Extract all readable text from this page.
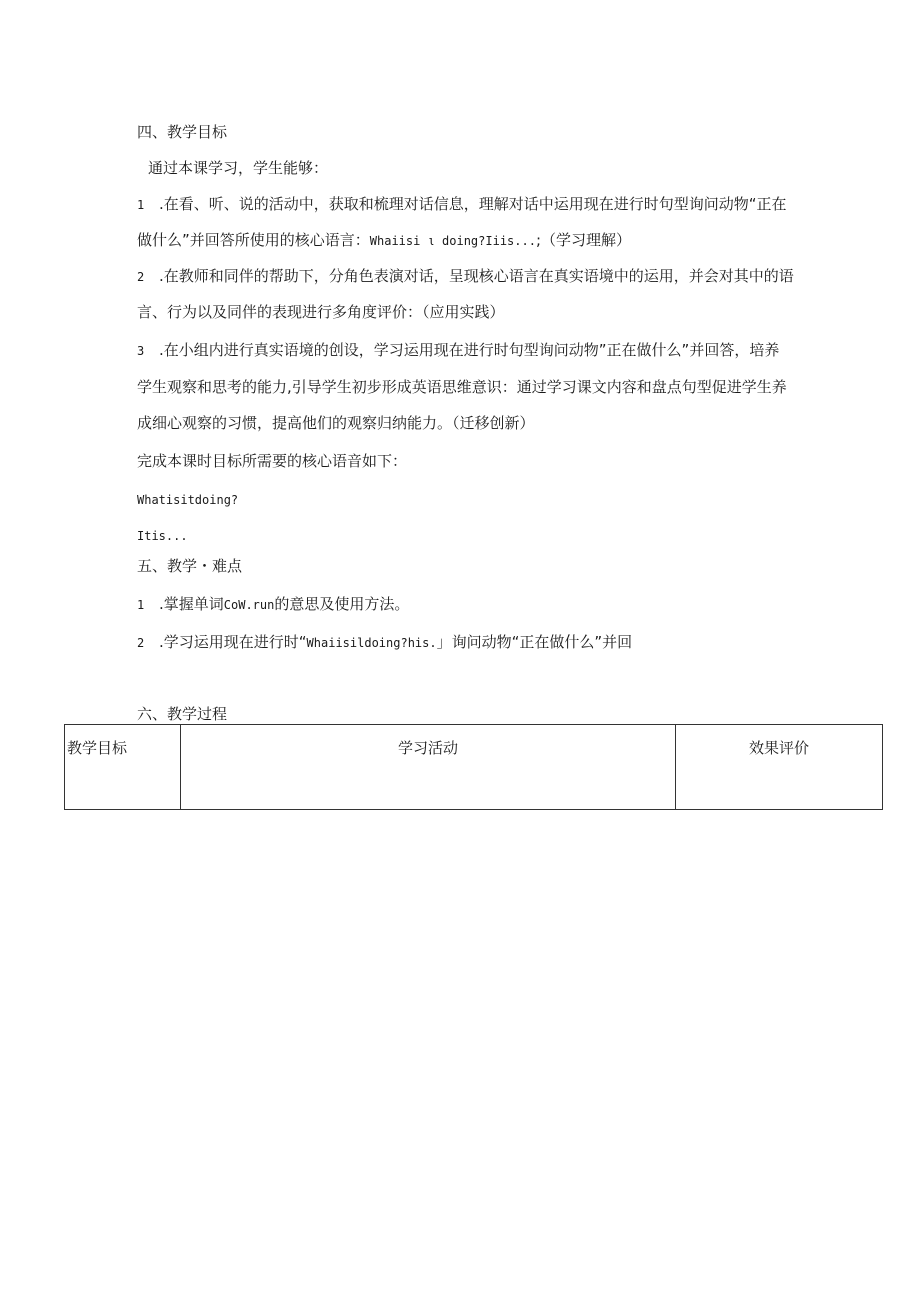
四、教学目标
通过本课学习，学生能够：
1 .在看、听、说的活动中，获取和梳理对话信息，理解对话中运用现在进行时句型询问动物“正在
做什么”并回答所使用的核心语言：Whaiisi ι doing?Iiis...;（学习理解）
2 .在教师和同伴的帮助下，分角色表演对话，呈现核心语言在真实语境中的运用，并会对其中的语
言、行为以及同伴的表现进行多角度评价：（应用实践）
3 .在小组内进行真实语境的创设，学习运用现在进行时句型询问动物”正在做什么”并回答，培养
学生观察和思考的能力,引导学生初步形成英语思维意识：通过学习课文内容和盘点句型促进学生养
成细心观察的习惯，提高他们的观察归纳能力。（迁移创新）
完成本课时目标所需要的核心语音如下：
Whatisitdoing?
Itis...
五、教学・难点
1 .掌握单词CoW.run的意思及使用方法。
2 .学习运用现在进行时“Whaiisildoing?his.」询问动物“正在做什么”并回
六、教学过程
教学目标	学习活动	效果评价
